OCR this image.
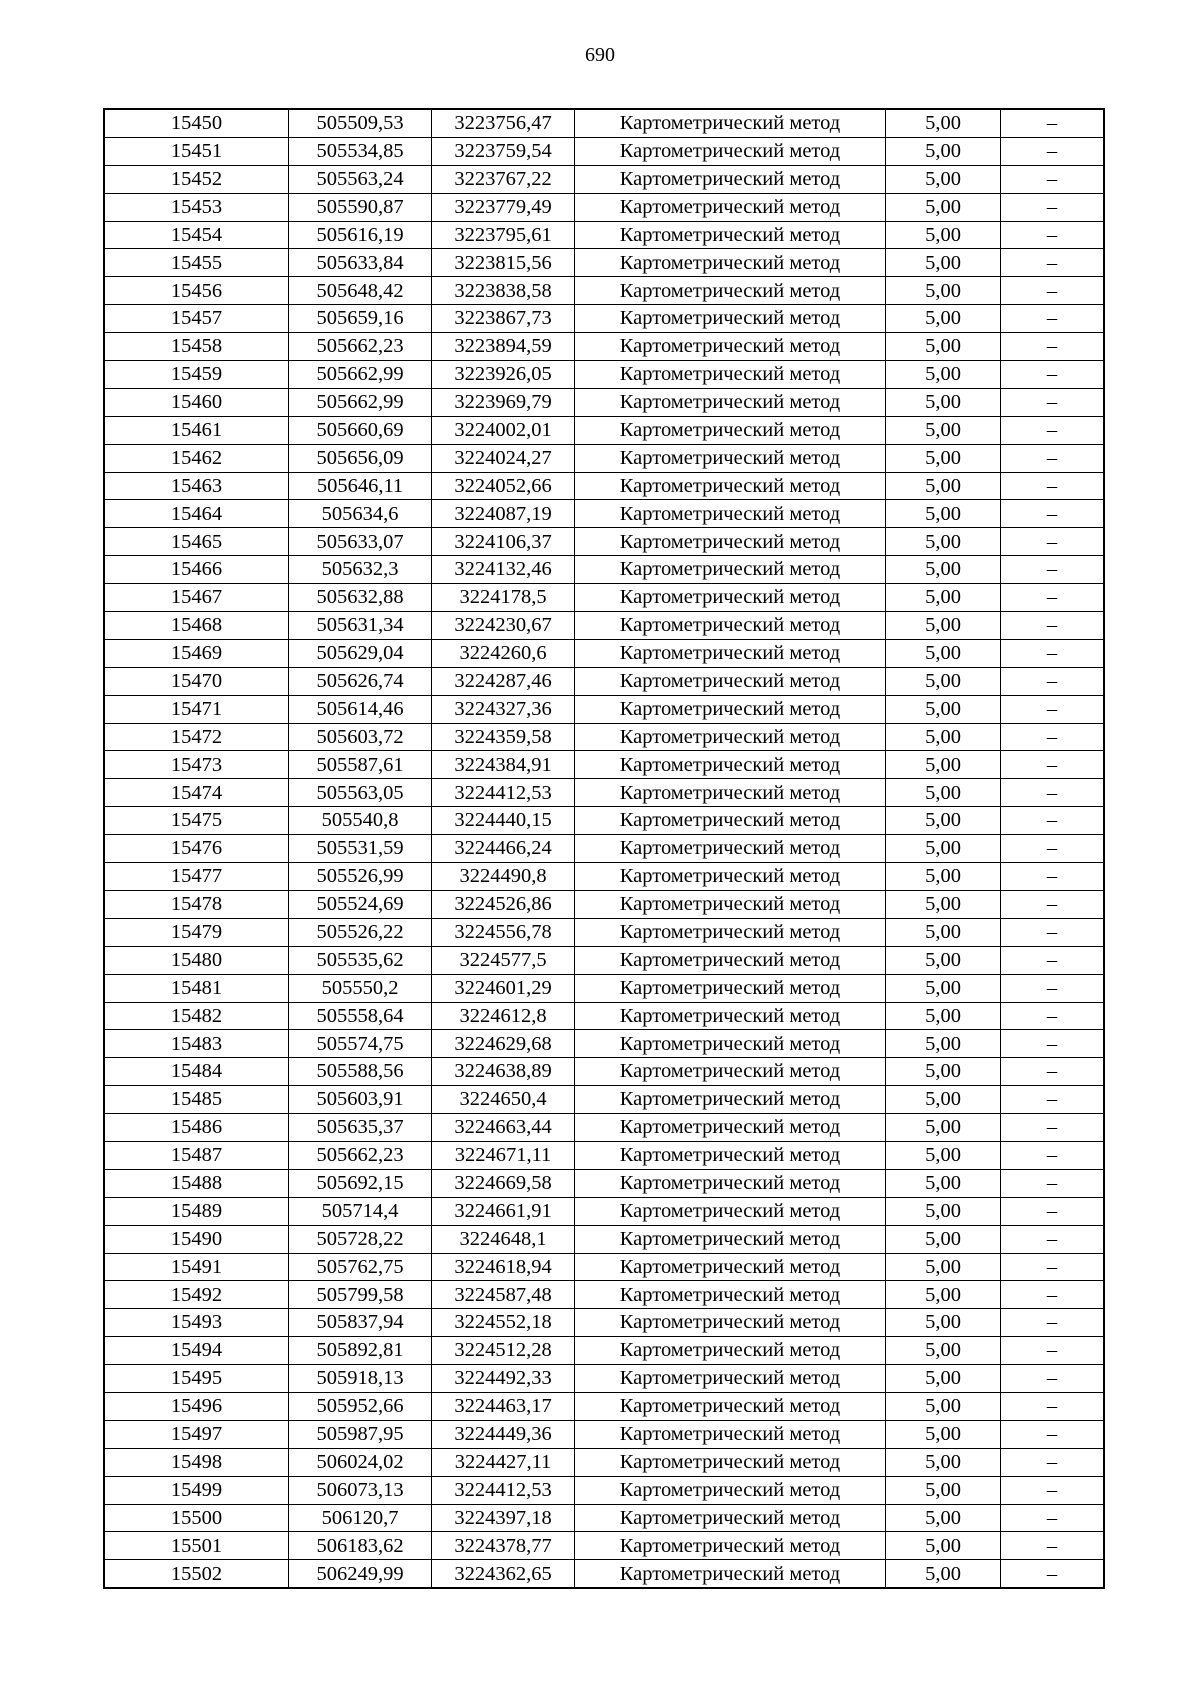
690
15450	505509,53	3223756,47	Картометрический метод	5,00	–
15451	505534,85	3223759,54	Картометрический метод	5,00	–
15452	505563,24	3223767,22	Картометрический метод	5,00	–
15453	505590,87	3223779,49	Картометрический метод	5,00	–
15454	505616,19	3223795,61	Картометрический метод	5,00	–
15455	505633,84	3223815,56	Картометрический метод	5,00	–
15456	505648,42	3223838,58	Картометрический метод	5,00	–
15457	505659,16	3223867,73	Картометрический метод	5,00	–
15458	505662,23	3223894,59	Картометрический метод	5,00	–
15459	505662,99	3223926,05	Картометрический метод	5,00	–
15460	505662,99	3223969,79	Картометрический метод	5,00	–
15461	505660,69	3224002,01	Картометрический метод	5,00	–
15462	505656,09	3224024,27	Картометрический метод	5,00	–
15463	505646,11	3224052,66	Картометрический метод	5,00	–
15464	505634,6	3224087,19	Картометрический метод	5,00	–
15465	505633,07	3224106,37	Картометрический метод	5,00	–
15466	505632,3	3224132,46	Картометрический метод	5,00	–
15467	505632,88	3224178,5	Картометрический метод	5,00	–
15468	505631,34	3224230,67	Картометрический метод	5,00	–
15469	505629,04	3224260,6	Картометрический метод	5,00	–
15470	505626,74	3224287,46	Картометрический метод	5,00	–
15471	505614,46	3224327,36	Картометрический метод	5,00	–
15472	505603,72	3224359,58	Картометрический метод	5,00	–
15473	505587,61	3224384,91	Картометрический метод	5,00	–
15474	505563,05	3224412,53	Картометрический метод	5,00	–
15475	505540,8	3224440,15	Картометрический метод	5,00	–
15476	505531,59	3224466,24	Картометрический метод	5,00	–
15477	505526,99	3224490,8	Картометрический метод	5,00	–
15478	505524,69	3224526,86	Картометрический метод	5,00	–
15479	505526,22	3224556,78	Картометрический метод	5,00	–
15480	505535,62	3224577,5	Картометрический метод	5,00	–
15481	505550,2	3224601,29	Картометрический метод	5,00	–
15482	505558,64	3224612,8	Картометрический метод	5,00	–
15483	505574,75	3224629,68	Картометрический метод	5,00	–
15484	505588,56	3224638,89	Картометрический метод	5,00	–
15485	505603,91	3224650,4	Картометрический метод	5,00	–
15486	505635,37	3224663,44	Картометрический метод	5,00	–
15487	505662,23	3224671,11	Картометрический метод	5,00	–
15488	505692,15	3224669,58	Картометрический метод	5,00	–
15489	505714,4	3224661,91	Картометрический метод	5,00	–
15490	505728,22	3224648,1	Картометрический метод	5,00	–
15491	505762,75	3224618,94	Картометрический метод	5,00	–
15492	505799,58	3224587,48	Картометрический метод	5,00	–
15493	505837,94	3224552,18	Картометрический метод	5,00	–
15494	505892,81	3224512,28	Картометрический метод	5,00	–
15495	505918,13	3224492,33	Картометрический метод	5,00	–
15496	505952,66	3224463,17	Картометрический метод	5,00	–
15497	505987,95	3224449,36	Картометрический метод	5,00	–
15498	506024,02	3224427,11	Картометрический метод	5,00	–
15499	506073,13	3224412,53	Картометрический метод	5,00	–
15500	506120,7	3224397,18	Картометрический метод	5,00	–
15501	506183,62	3224378,77	Картометрический метод	5,00	–
15502	506249,99	3224362,65	Картометрический метод	5,00	–
